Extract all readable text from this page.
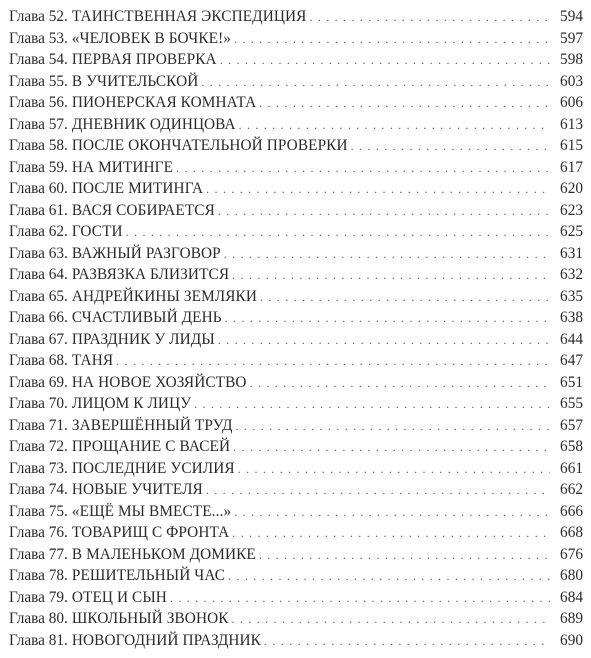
Глава 52. ТАИНСТВЕННАЯ ЭКСПЕДИЦИЯ . . .	594
Глава 53. «ЧЕЛОВЕК В БОЧКЕ!» . . .	597
Глава 54. ПЕРВАЯ ПРОВЕРКА . . .	598
Глава 55. В УЧИТЕЛЬСКОЙ . . .	603
Глава 56. ПИОНЕРСКАЯ КОМНАТА . . .	606
Глава 57. ДНЕВНИК ОДИНЦОВА . . .	613
Глава 58. ПОСЛЕ ОКОНЧАТЕЛЬНОЙ ПРОВЕРКИ . . .	615
Глава 59. НА МИТИНГЕ . . .	617
Глава 60. ПОСЛЕ МИТИНГА . . .	620
Глава 61. ВАСЯ СОБИРАЕТСЯ . . .	623
Глава 62. ГОСТИ . . .	625
Глава 63. ВАЖНЫЙ РАЗГОВОР . . .	631
Глава 64. РАЗВЯЗКА БЛИЗИТСЯ . . .	632
Глава 65. АНДРЕЙКИНЫ ЗЕМЛЯКИ . . .	635
Глава 66. СЧАСТЛИВЫЙ ДЕНЬ . . .	638
Глава 67. ПРАЗДНИК У ЛИДЫ . . .	644
Глава 68. ТАНЯ . . .	647
Глава 69. НА НОВОЕ ХОЗЯЙСТВО . . .	651
Глава 70. ЛИЦОМ К ЛИЦУ . . .	655
Глава 71. ЗАВЕРШЁННЫЙ ТРУД . . .	657
Глава 72. ПРОЩАНИЕ С ВАСЕЙ . . .	658
Глава 73. ПОСЛЕДНИЕ УСИЛИЯ . . .	661
Глава 74. НОВЫЕ УЧИТЕЛЯ . . .	662
Глава 75. «ЕЩЁ МЫ ВМЕСТЕ...» . . .	666
Глава 76. ТОВАРИЩ С ФРОНТА . . .	668
Глава 77. В МАЛЕНЬКОМ ДОМИКЕ . . .	676
Глава 78. РЕШИТЕЛЬНЫЙ ЧАС . . .	680
Глава 79. ОТЕЦ И СЫН . . .	684
Глава 80. ШКОЛЬНЫЙ ЗВОНОК . . .	689
Глава 81. НОВОГОДНИЙ ПРАЗДНИК . . .	690
